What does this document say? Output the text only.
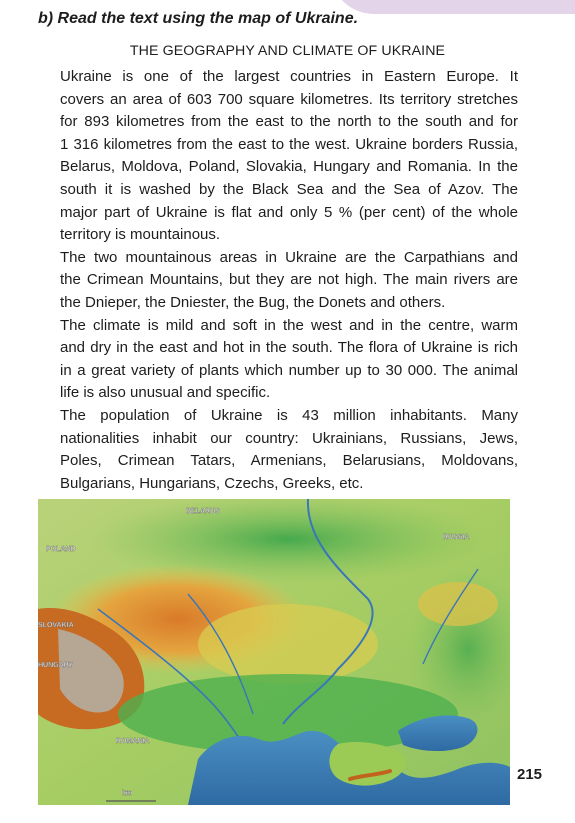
b) Read the text using the map of Ukraine.
THE GEOGRAPHY AND CLIMATE OF UKRAINE

Ukraine is one of the largest countries in Eastern Europe. It
covers an area of 603 700 square kilometres. Its territory stretches
for 893 kilometres from the east to the north to the south and for
1 316 kilometres from the east to the west. Ukraine borders Russia,
Belarus, Moldova, Poland, Slovakia, Hungary and Romania. In the
south it is washed by the Black Sea and the Sea of Azov. The
major part of Ukraine is flat and only 5 % (per cent) of the whole
territory is mountainous.

The two mountainous areas in Ukraine are the Carpathians and
the Crimean Mountains, but they are not high. The main rivers are
the Dnieper, the Dniester, the Bug, the Donets and others.

The climate is mild and soft in the west and in the centre, warm
and dry in the east and hot in the south. The flora of Ukraine is rich
in a great variety of plants which number up to 30 000. The animal
life is also unusual and specific.

The population of Ukraine is 43 million inhabitants. Many
nationalities inhabit our country: Ukrainians, Russians, Jews,
Poles, Crimean Tatars, Armenians, Belarusians, Moldovans,
Bulgarians, Hungarians, Czechs, Greeks, etc.

BELARUS
POLAND
RUSSIA
SLOVAKIA
HUNGARY
ROMANIA
km
215
